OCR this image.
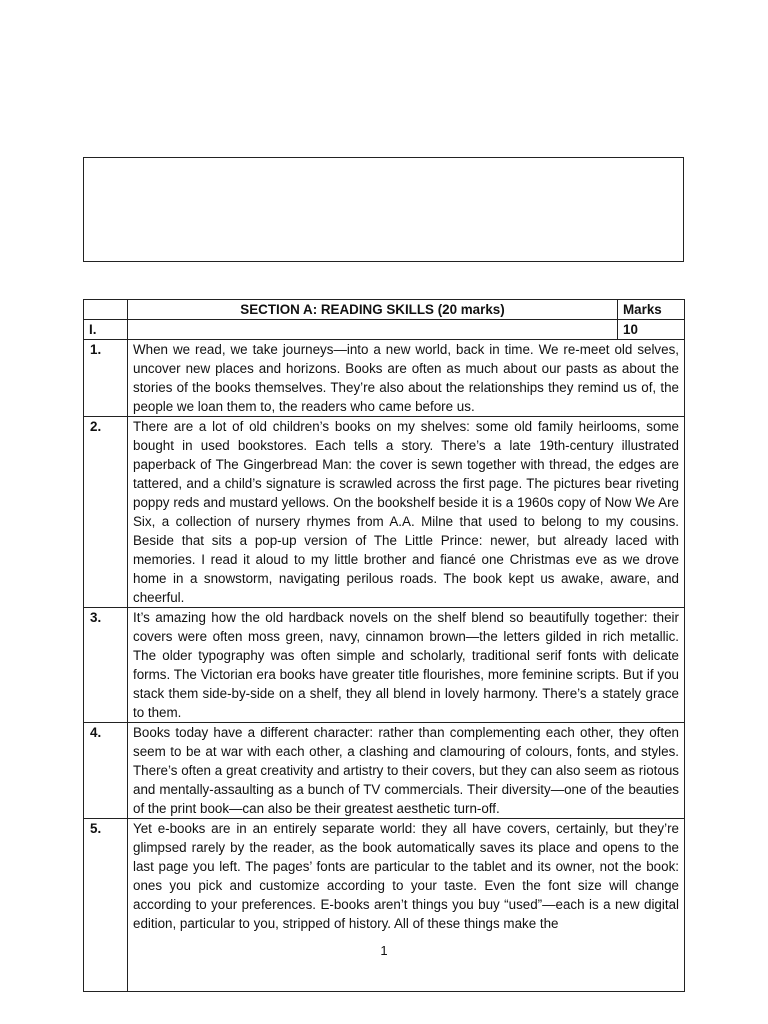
	SECTION A: READING SKILLS (20 marks)	Marks
I.		10
1.	When we read, we take journeys—into a new world, back in time. We re-meet old selves, uncover new places and horizons. Books are often as much about our pasts as about the stories of the books themselves. They’re also about the relationships they remind us of, the people we loan them to, the readers who came before us.	
2.	There are a lot of old children’s books on my shelves: some old family heirlooms, some bought in used bookstores. Each tells a story. There’s a late 19th-century illustrated paperback of The Gingerbread Man: the cover is sewn together with thread, the edges are tattered, and a child’s signature is scrawled across the first page. The pictures bear riveting poppy reds and mustard yellows. On the bookshelf beside it is a 1960s copy of Now We Are Six, a collection of nursery rhymes from A.A. Milne that used to belong to my cousins. Beside that sits a pop-up version of The Little Prince: newer, but already laced with memories. I read it aloud to my little brother and fiancé one Christmas eve as we drove home in a snowstorm, navigating perilous roads. The book kept us awake, aware, and cheerful.	
3.	It’s amazing how the old hardback novels on the shelf blend so beautifully together: their covers were often moss green, navy, cinnamon brown—the letters gilded in rich metallic. The older typography was often simple and scholarly, traditional serif fonts with delicate forms. The Victorian era books have greater title flourishes, more feminine scripts. But if you stack them side-by-side on a shelf, they all blend in lovely harmony. There’s a stately grace to them.	
4.	Books today have a different character: rather than complementing each other, they often seem to be at war with each other, a clashing and clamouring of colours, fonts, and styles. There’s often a great creativity and artistry to their covers, but they can also seem as riotous and mentally-assaulting as a bunch of TV commercials. Their diversity—one of the beauties of the print book—can also be their greatest aesthetic turn-off.	
5.	Yet e-books are in an entirely separate world: they all have covers, certainly, but they’re glimpsed rarely by the reader, as the book automatically saves its place and opens to the last page you left. The pages’ fonts are particular to the tablet and its owner, not the book: ones you pick and customize according to your taste. Even the font size will change according to your preferences. E-books aren’t things you buy “used”—each is a new digital edition, particular to you, stripped of history. All of these things make the	
1
